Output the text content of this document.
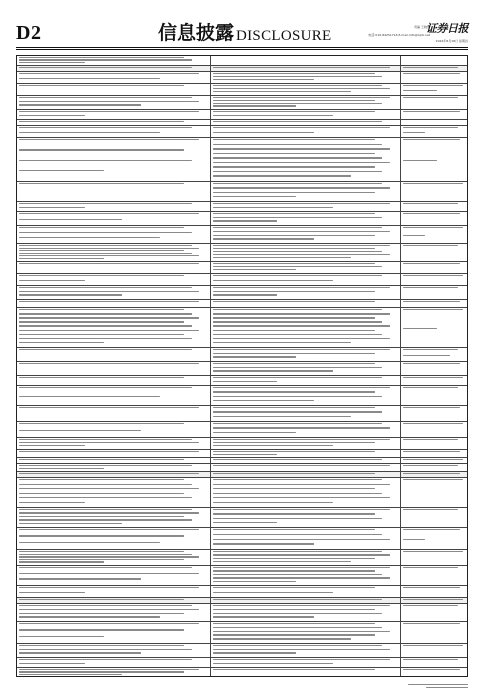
D2	信息披露 DISCLOSURE
责编 王晓涛
电话:010-84251716 E-mail:info@zqrb.net
证券日报
2022年8月18日 星期四
